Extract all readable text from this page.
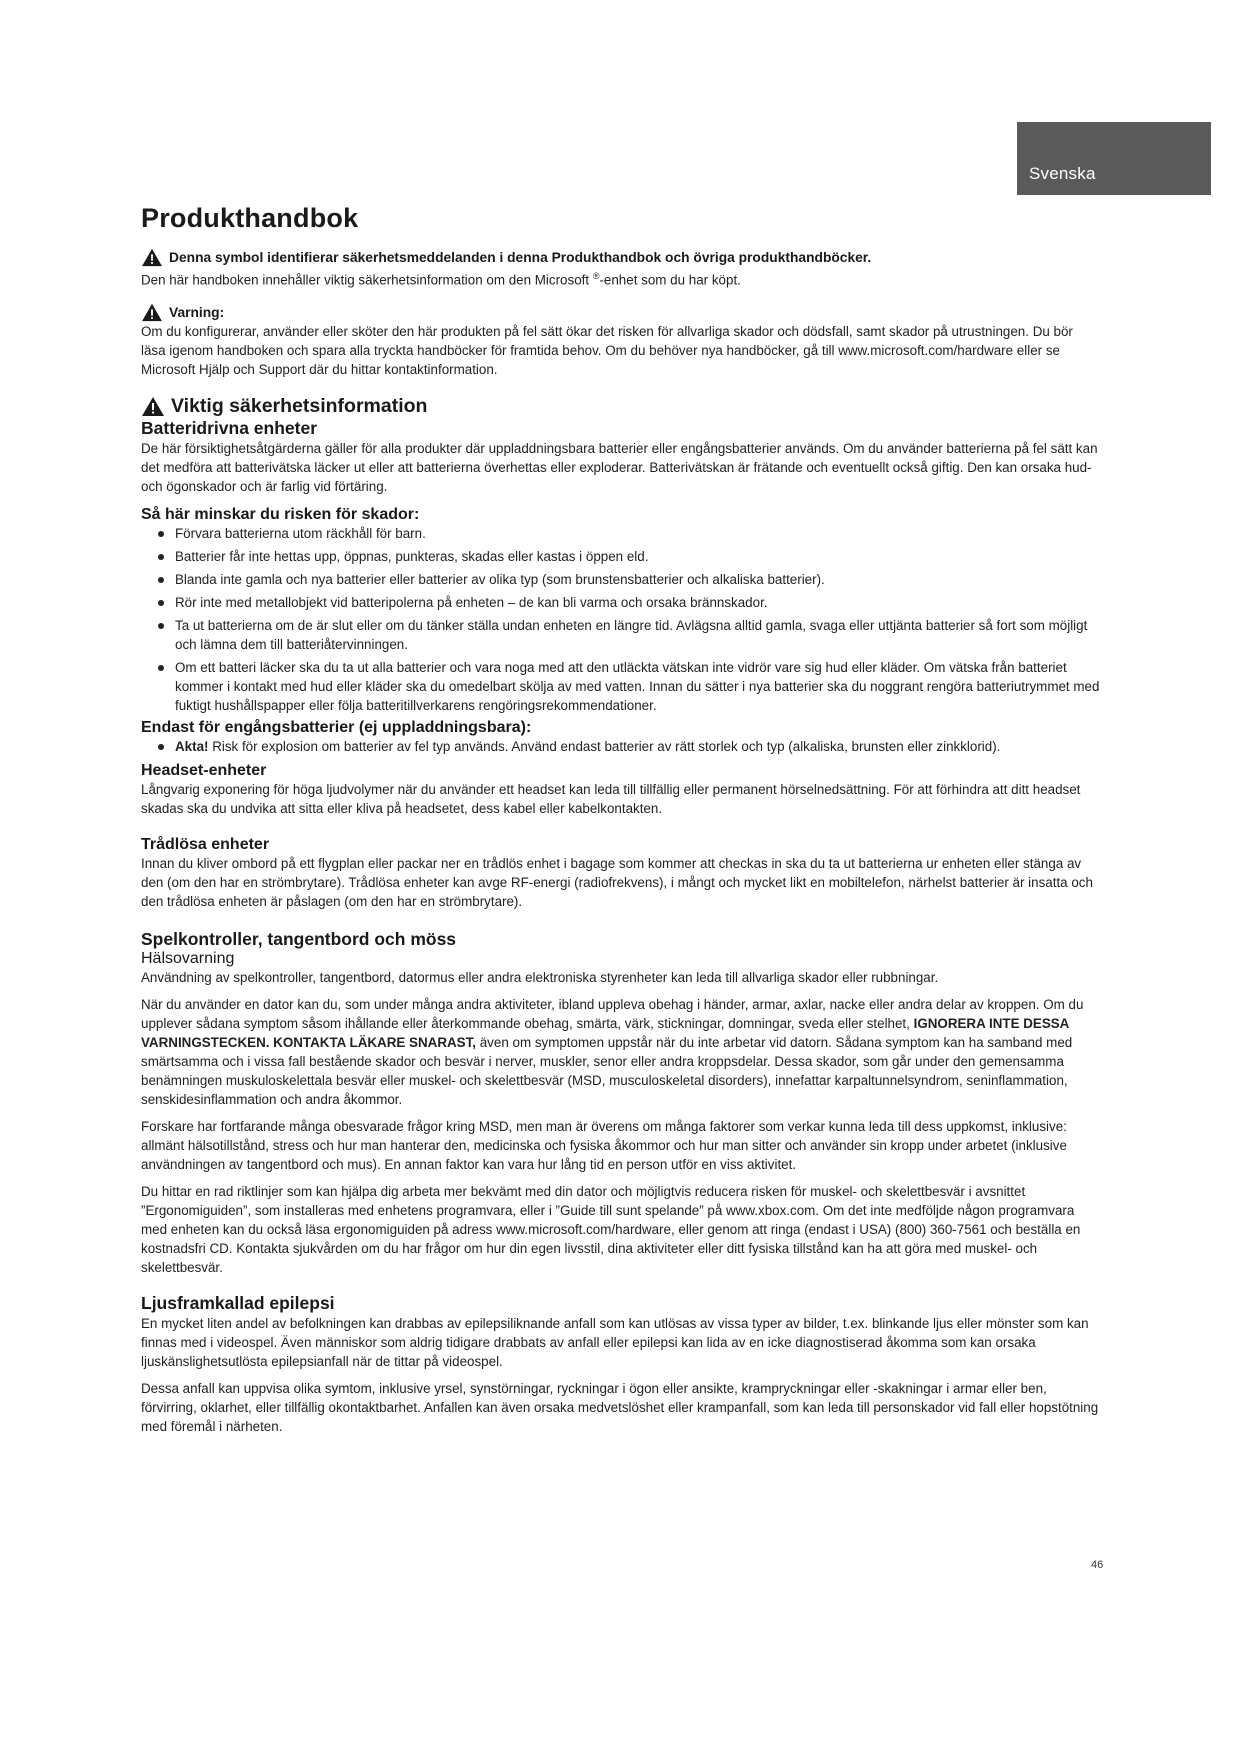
Svenska
Produkthandbok
Denna symbol identifierar säkerhetsmeddelanden i denna Produkthandbok och övriga produkthandböcker.

Den här handboken innehåller viktig säkerhetsinformation om den Microsoft ®-enhet som du har köpt.

Varning:

Om du konfigurerar, använder eller sköter den här produkten på fel sätt ökar det risken för allvarliga skador och dödsfall, samt skador på utrustningen. Du bör läsa igenom handboken och spara alla tryckta handböcker för framtida behov. Om du behöver nya handböcker, gå till www.microsoft.com/hardware eller se Microsoft Hjälp och Support där du hittar kontaktinformation.

Viktig säkerhetsinformation
Batteridrivna enheter

De här försiktighetsåtgärderna gäller för alla produkter där uppladdningsbara batterier eller engångsbatterier används. Om du använder batterierna på fel sätt kan det medföra att batterivätska läcker ut eller att batterierna överhettas eller exploderar. Batterivätskan är frätande och eventuellt också giftig. Den kan orsaka hud- och ögonskador och är farlig vid förtäring.

Så här minskar du risken för skador:
Förvara batterierna utom räckhåll för barn.
Batterier får inte hettas upp, öppnas, punkteras, skadas eller kastas i öppen eld.
Blanda inte gamla och nya batterier eller batterier av olika typ (som brunstensbatterier och alkaliska batterier).
Rör inte med metallobjekt vid batteripolerna på enheten – de kan bli varma och orsaka brännskador.
Ta ut batterierna om de är slut eller om du tänker ställa undan enheten en längre tid. Avlägsna alltid gamla, svaga eller uttjänta batterier så fort som möjligt och lämna dem till batteriåtervinningen.
Om ett batteri läcker ska du ta ut alla batterier och vara noga med att den utläckta vätskan inte vidrör vare sig hud eller kläder. Om vätska från batteriet kommer i kontakt med hud eller kläder ska du omedelbart skölja av med vatten. Innan du sätter i nya batterier ska du noggrant rengöra batteriutrymmet med fuktigt hushållspapper eller följa batteritillverkarens rengöringsrekommendationer.
Endast för engångsbatterier (ej uppladdningsbara):
Akta! Risk för explosion om batterier av fel typ används. Använd endast batterier av rätt storlek och typ (alkaliska, brunsten eller zinkklorid).
Headset-enheter

Långvarig exponering för höga ljudvolymer när du använder ett headset kan leda till tillfällig eller permanent hörselnedsättning. För att förhindra att ditt headset skadas ska du undvika att sitta eller kliva på headsetet, dess kabel eller kabelkontakten.

Trådlösa enheter

Innan du kliver ombord på ett flygplan eller packar ner en trådlös enhet i bagage som kommer att checkas in ska du ta ut batterierna ur enheten eller stänga av den (om den har en strömbrytare). Trådlösa enheter kan avge RF-energi (radiofrekvens), i mångt och mycket likt en mobiltelefon, närhelst batterier är insatta och den trådlösa enheten är påslagen (om den har en strömbrytare).

Spelkontroller, tangentbord och möss
Hälsovarning

Användning av spelkontroller, tangentbord, datormus eller andra elektroniska styrenheter kan leda till allvarliga skador eller rubbningar.

När du använder en dator kan du, som under många andra aktiviteter, ibland uppleva obehag i händer, armar, axlar, nacke eller andra delar av kroppen. Om du upplever sådana symptom såsom ihållande eller återkommande obehag, smärta, värk, stickningar, domningar, sveda eller stelhet, IGNORERA INTE DESSA VARNINGSTECKEN. KONTAKTA LÄKARE SNARAST, även om symptomen uppstår när du inte arbetar vid datorn. Sådana symptom kan ha samband med smärtsamma och i vissa fall bestående skador och besvär i nerver, muskler, senor eller andra kroppsdelar. Dessa skador, som går under den gemensamma benämningen muskuloskelettala besvär eller muskel- och skelettbesvär (MSD, musculoskeletal disorders), innefattar karpaltunnelsyndrom, seninflammation, senskidesinflammation och andra åkommor.

Forskare har fortfarande många obesvarade frågor kring MSD, men man är överens om många faktorer som verkar kunna leda till dess uppkomst, inklusive: allmänt hälsotillstånd, stress och hur man hanterar den, medicinska och fysiska åkommor och hur man sitter och använder sin kropp under arbetet (inklusive användningen av tangentbord och mus). En annan faktor kan vara hur lång tid en person utför en viss aktivitet.

Du hittar en rad riktlinjer som kan hjälpa dig arbeta mer bekvämt med din dator och möjligtvis reducera risken för muskel- och skelettbesvär i avsnittet ”Ergonomiguiden”, som installeras med enhetens programvara, eller i ”Guide till sunt spelande” på www.xbox.com. Om det inte medföljde någon programvara med enheten kan du också läsa ergonomiguiden på adress www.microsoft.com/hardware, eller genom att ringa (endast i USA) (800) 360-7561 och beställa en kostnadsfri CD. Kontakta sjukvården om du har frågor om hur din egen livsstil, dina aktiviteter eller ditt fysiska tillstånd kan ha att göra med muskel- och skelettbesvär.

Ljusframkallad epilepsi

En mycket liten andel av befolkningen kan drabbas av epilepsiliknande anfall som kan utlösas av vissa typer av bilder, t.ex. blinkande ljus eller mönster som kan finnas med i videospel. Även människor som aldrig tidigare drabbats av anfall eller epilepsi kan lida av en icke diagnostiserad åkomma som kan orsaka ljuskänslighetsutlösta epilepsianfall när de tittar på videospel.

Dessa anfall kan uppvisa olika symtom, inklusive yrsel, synstörningar, ryckningar i ögon eller ansikte, krampryckningar eller -skakningar i armar eller ben, förvirring, oklarhet, eller tillfällig okontaktbarhet. Anfallen kan även orsaka medvetslöshet eller krampanfall, som kan leda till personskador vid fall eller hopstötning med föremål i närheten.

46
